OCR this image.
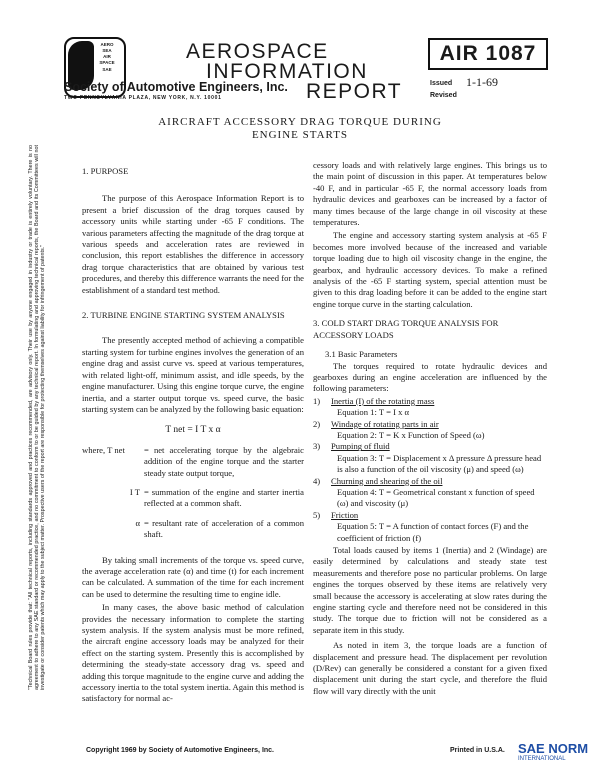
AERO
SEA
AIR
SPACE
SAE
AEROSPACE
INFORMATION
REPORT
Society of Automotive Engineers, Inc.
TWO PENNSYLVANIA PLAZA, NEW YORK, N.Y. 10001
AIR 1087
Issued 1-1-69
Revised
AIRCRAFT ACCESSORY DRAG TORQUE DURING
ENGINE STARTS
"Technical Board rules provide that: "All technical reports, including standards approved and practices recommended, are advisory only. Their use by anyone engaged in industry or trade is entirely voluntary. There is no agreement to adhere to any SAE standard or recommended practice, and no commitment to conform to or be guided by any technical report. In formulating and approving technical reports, the Board and its Committees will not investigate or consider patents which may apply to the subject matter. Prospective users of the report are responsible for protecting themselves against liability for infringement of patents."

1. PURPOSE

The purpose of this Aerospace Information Report is to present a brief discussion of the drag torques caused by accessory units while starting under -65 F conditions. The various parameters affecting the magnitude of the drag torque at various speeds and acceleration rates are reviewed in conclusion, this report establishes the difference in accessory drag torque characteristics that are obtained by various test procedures, and thereby this difference warrants the need for the establishment of a standard test method.

2. TURBINE ENGINE STARTING SYSTEM ANALYSIS

The presently accepted method of achieving a compatible starting system for turbine engines involves the generation of an engine drag and assist curve vs. speed at various temperatures, with related light-off, minimum assist, and idle speeds, by the engine manufacturer. Using this engine torque curve, the engine inertia, and a starter output torque vs. speed curve, the basic starting system can be analyzed by the following basic equation:

T net = I T x α

where, T net	= net accelerating torque by the algebraic addition of the engine torque and the starter steady state output torque,
I T = summation of the engine and starter inertia reflected at a common shaft.
α = resultant rate of acceleration of a common shaft.

By taking small increments of the torque vs. speed curve, the average acceleration rate (α) and time (t) for each increment can be calculated. A summation of the time for each increment can be used to determine the resulting time to engine idle.

In many cases, the above basic method of calculation provides the necessary information to complete the starting system analysis. If the system analysis must be more refined, the aircraft engine accessory loads may be analyzed for their effect on the starting system. Presently this is accomplished by determining the steady-state accessory drag vs. speed and adding this torque magnitude to the engine curve and adding the accessory inertia to the total system inertia. Again this method is satisfactory for normal ac-

cessory loads and with relatively large engines. This brings us to the main point of discussion in this paper. At temperatures below -40 F, and in particular -65 F, the normal accessory loads from hydraulic devices and gearboxes can be increased by a factor of many times because of the large change in oil viscosity at these temperatures.

The engine and accessory starting system analysis at -65 F becomes more involved because of the increased and variable torque loading due to high oil viscosity change in the engine, the gearbox, and hydraulic accessory devices. To make a refined analysis of the -65 F starting system, special attention must be given to this drag loading before it can be added to the engine start engine torque curve in the starting calculation.

3. COLD START DRAG TORQUE ANALYSIS FOR ACCESSORY LOADS

3.1 Basic Parameters

The torques required to rotate hydraulic devices and gearboxes during an engine acceleration are influenced by the following parameters:

1)	Inertia (I) of the rotating mass
Equation 1: T = I x α
2)	Windage of rotating parts in air
Equation 2: T = K x Function of Speed (ω)
3)	Pumping of fluid
Equation 3: T = Displacement x Δ pressure Δ pressure head is also a function of the oil viscosity (μ) and speed (ω)
4)	Churning and shearing of the oil
Equation 4: T = Geometrical constant x function of speed (ω) and viscosity (μ)
5)	Friction
Equation 5: T = A function of contact forces (F) and the coefficient of friction (f)

Total loads caused by items 1 (Inertia) and 2 (Windage) are easily determined by calculations and steady state test measurements and therefore pose no particular problems. On large engines the torques observed by these items are relatively very small because the accessory is accelerating at slow rates during the engine starting cycle and therefore need not be considered in this study. The torque due to friction will not be considered as a separate item in this study.

As noted in item 3, the torque loads are a function of displacement and pressure head. The displacement per revolution (D/Rev) can generally be considered a constant for a given fixed displacement unit during the start cycle, and therefore the fluid flow will vary directly with the unit

Copyright 1969 by Society of Automotive Engineers, Inc.	Printed in U.S.A. SAE NORM
INTERNATIONAL
